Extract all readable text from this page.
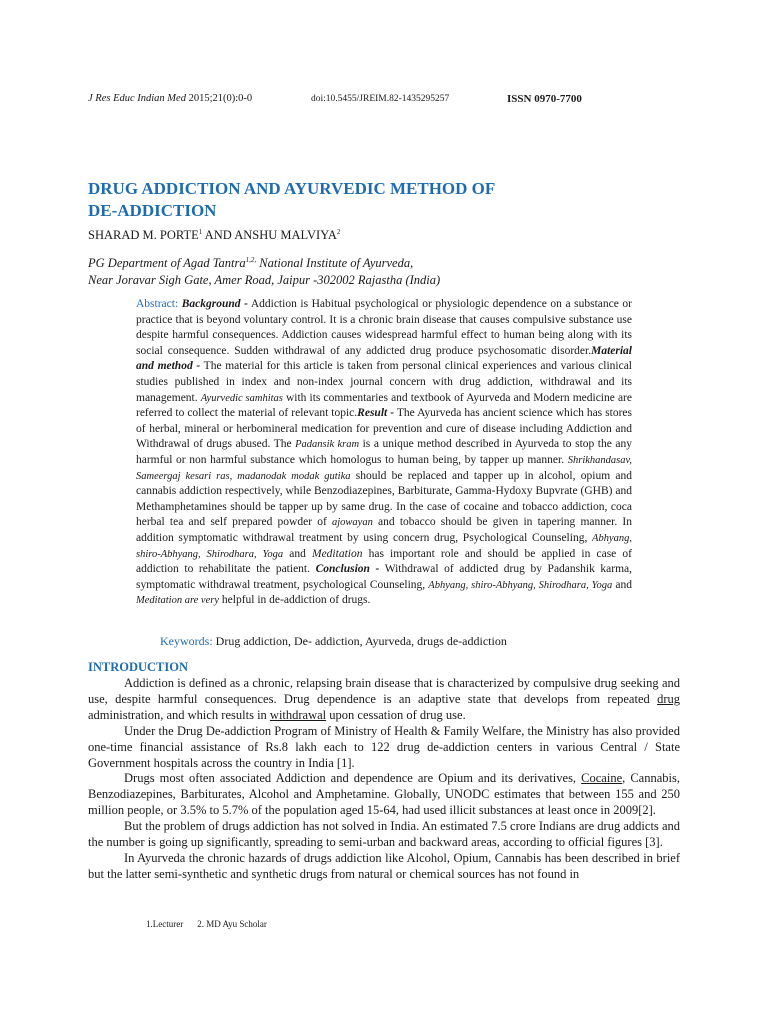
J Res Educ Indian Med 2015;21(0):0-0	doi:10.5455/JREIM.82-1435295257	ISSN 0970-7700
DRUG ADDICTION AND AYURVEDIC METHOD OF
DE-ADDICTION
SHARAD M. PORTE$^1$ AND ANSHU MALVIYA$^2$
PG Department of Agad Tantra$^{1,2,}$ National Institute of Ayurveda,
Near Joravar Sigh Gate, Amer Road, Jaipur -302002 Rajastha (India)

Abstract: Background - Addiction is Habitual psychological or physiologic dependence on a substance or practice that is beyond voluntary control. It is a chronic brain disease that causes compulsive substance use despite harmful consequences. Addiction causes widespread harmful effect to human being along with its social consequence. Sudden withdrawal of any addicted drug produce psychosomatic disorder.Material and method - The material for this article is taken from personal clinical experiences and various clinical studies published in index and non-index journal concern with drug addiction, withdrawal and its management. Ayurvedic samhitas with its commentaries and textbook of Ayurveda and Modern medicine are referred to collect the material of relevant topic.Result - The Ayurveda has ancient science which has stores of herbal, mineral or herbomineral medication for prevention and cure of disease including Addiction and Withdrawal of drugs abused. The Padansik kram is a unique method described in Ayurveda to stop the any harmful or non harmful substance which homologus to human being, by tapper up manner. Shrikhandasav, Sameergaj kesari ras, madanodak modak gutika should be replaced and tapper up in alcohol, opium and cannabis addiction respectively, while Benzodiazepines, Barbiturate, Gamma-Hydoxy Bupvrate (GHB) and Methamphetamines should be tapper up by same drug. In the case of cocaine and tobacco addiction, coca herbal tea and self prepared powder of ajowayan and tobacco should be given in tapering manner. In addition symptomatic withdrawal treatment by using concern drug, Psychological Counseling, Abhyang, shiro-Abhyang, Shirodhara, Yoga and Meditation has important role and should be applied in case of addiction to rehabilitate the patient. Conclusion - Withdrawal of addicted drug by Padanshik karma, symptomatic withdrawal treatment, psychological Counseling, Abhyang, shiro-Abhyang, Shirodhara, Yoga and Meditation are very helpful in de-addiction of drugs.

Keywords: Drug addiction, De- addiction, Ayurveda, drugs de-addiction
INTRODUCTION

Addiction is defined as a chronic, relapsing brain disease that is characterized by compulsive drug seeking and use, despite harmful consequences. Drug dependence is an adaptive state that develops from repeated drug administration, and which results in withdrawal upon cessation of drug use.

Under the Drug De-addiction Program of Ministry of Health & Family Welfare, the Ministry has also provided one-time financial assistance of Rs.8 lakh each to 122 drug de-addiction centers in various Central / State Government hospitals across the country in India [1].

Drugs most often associated Addiction and dependence are Opium and its derivatives, Cocaine, Cannabis, Benzodiazepines, Barbiturates, Alcohol and Amphetamine. Globally, UNODC estimates that between 155 and 250 million people, or 3.5% to 5.7% of the population aged 15-64, had used illicit substances at least once in 2009[2].

But the problem of drugs addiction has not solved in India. An estimated 7.5 crore Indians are drug addicts and the number is going up significantly, spreading to semi-urban and backward areas, according to official figures [3].

In Ayurveda the chronic hazards of drugs addiction like Alcohol, Opium, Cannabis has been described in brief but the latter semi-synthetic and synthetic drugs from natural or chemical sources has not found in

1.Lecturer 2. MD Ayu Scholar
